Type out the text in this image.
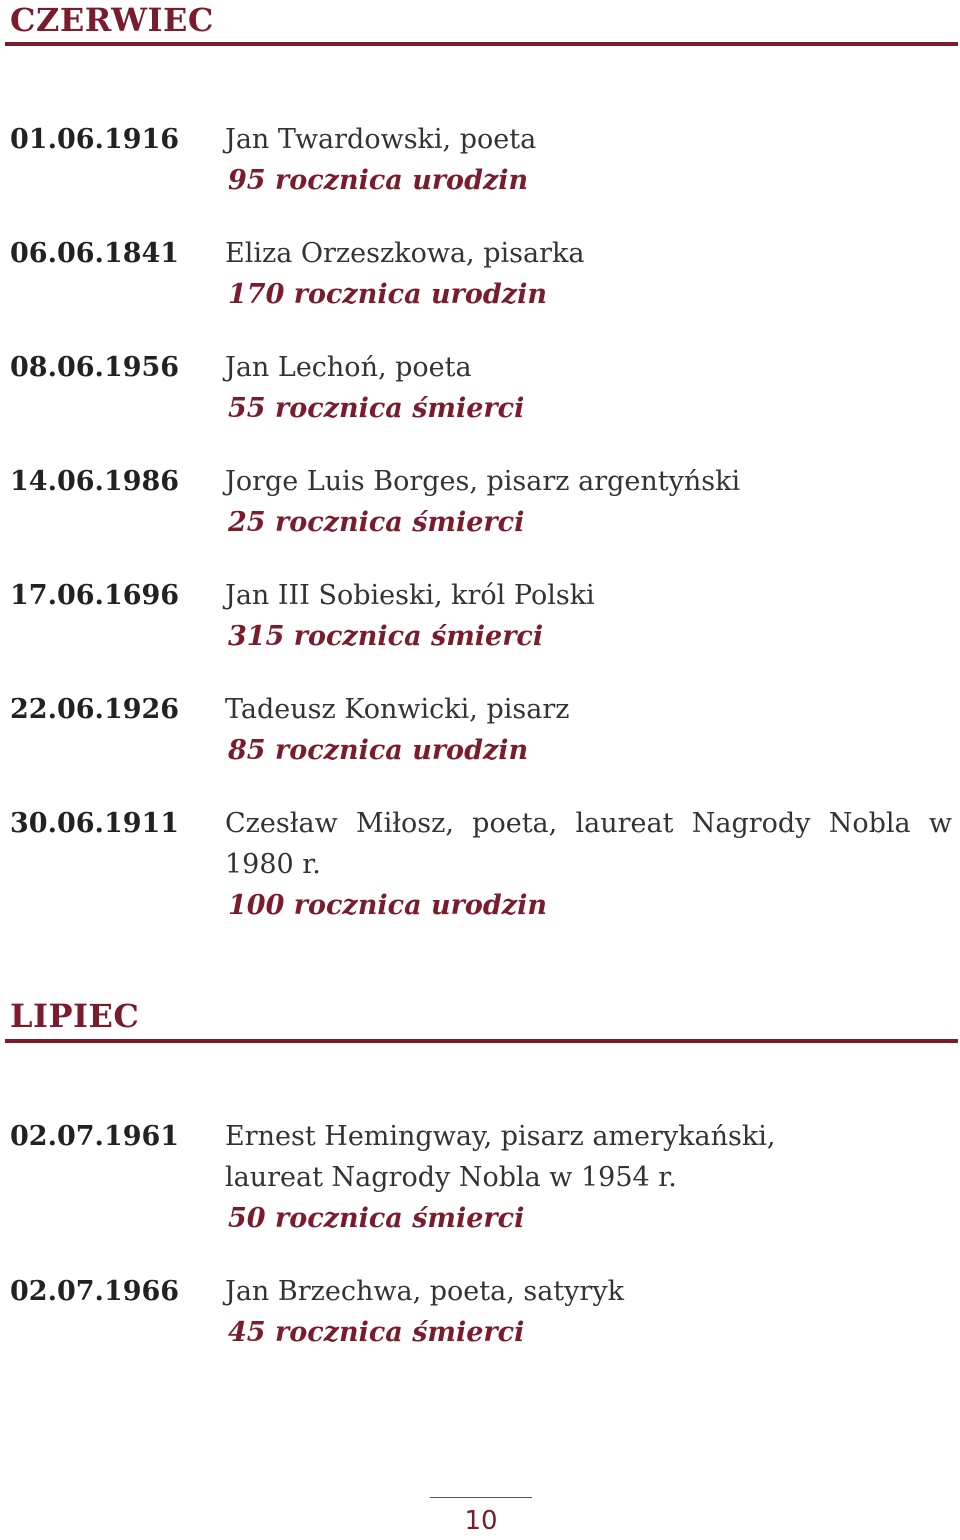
CZERWIEC
01.06.1916 Jan Twardowski, poeta
95 rocznica urodzin
06.06.1841 Eliza Orzeszkowa, pisarka
170 rocznica urodzin
08.06.1956 Jan Lechoń, poeta
55 rocznica śmierci
14.06.1986 Jorge Luis Borges, pisarz argentyński
25 rocznica śmierci
17.06.1696 Jan III Sobieski, król Polski
315 rocznica śmierci
22.06.1926 Tadeusz Konwicki, pisarz
85 rocznica urodzin
30.06.1911 Czesław Miłosz, poeta, laureat Nagrody Nobla w 1980 r.
100 rocznica urodzin
LIPIEC
02.07.1961 Ernest Hemingway, pisarz amerykański, laureat Nagrody Nobla w 1954 r.
50 rocznica śmierci
02.07.1966 Jan Brzechwa, poeta, satyryk
45 rocznica śmierci
10
